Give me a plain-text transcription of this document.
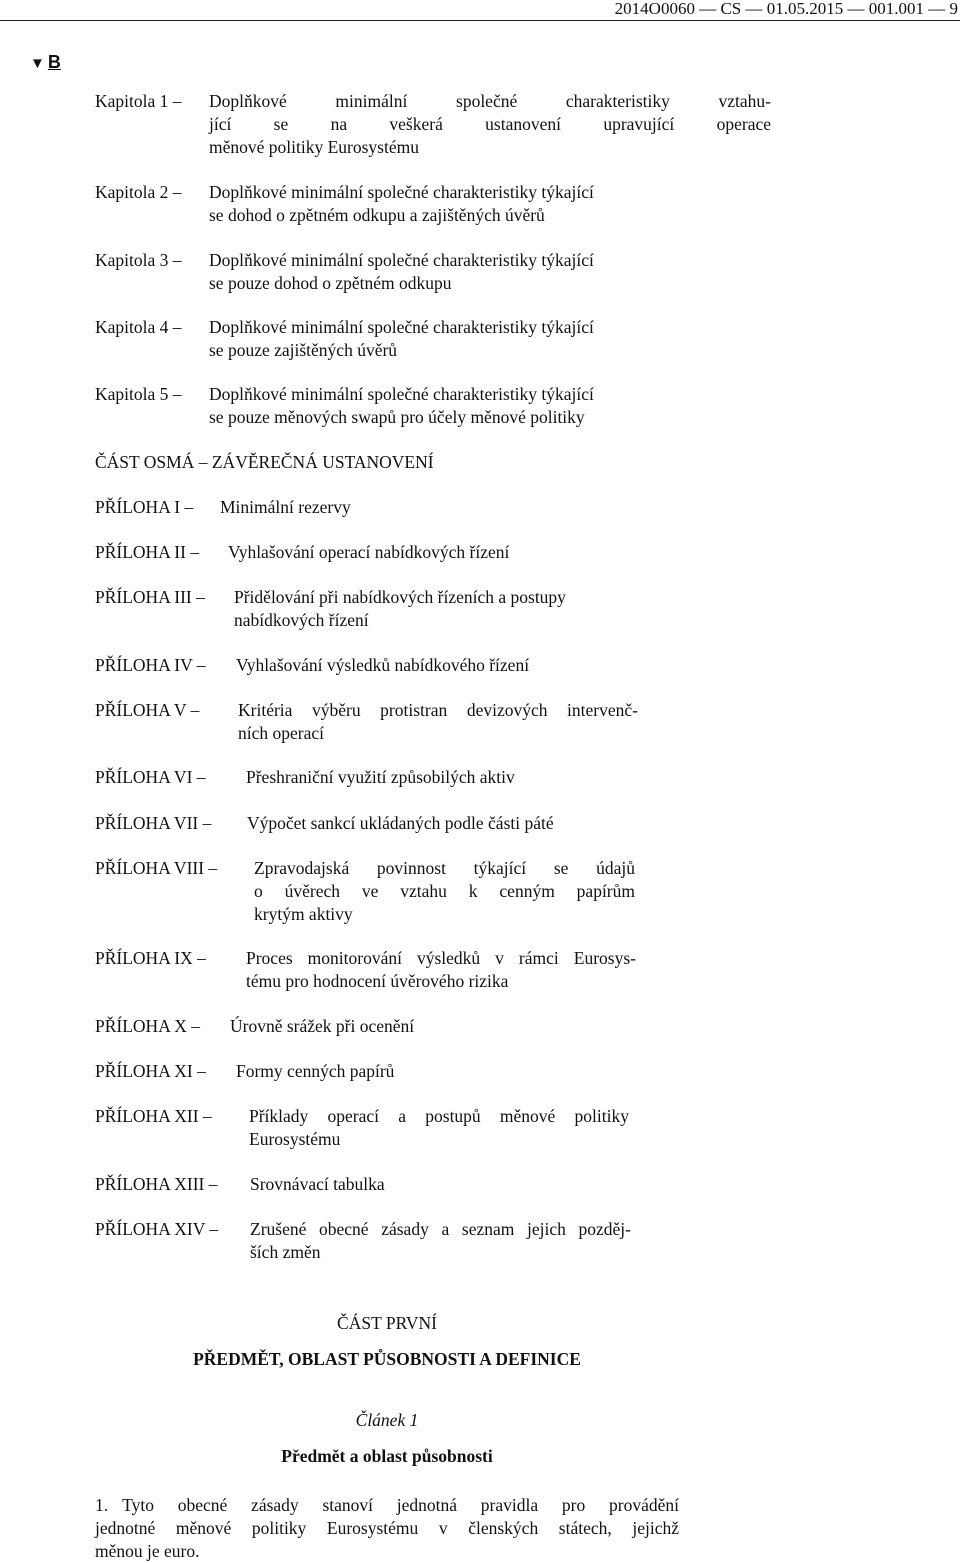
2014O0060 — CS — 01.05.2015 — 001.001 — 9
▼ B
Kapitola 1 – Doplňkové minimální společné charakteristiky vztahu-
jící se na veškerá ustanovení upravující operace
měnové politiky Eurosystému
Kapitola 2 – Doplňkové minimální společné charakteristiky týkající
se dohod o zpětném odkupu a zajištěných úvěrů
Kapitola 3 – Doplňkové minimální společné charakteristiky týkající
se pouze dohod o zpětném odkupu
Kapitola 4 – Doplňkové minimální společné charakteristiky týkající
se pouze zajištěných úvěrů
Kapitola 5 – Doplňkové minimální společné charakteristiky týkající
se pouze měnových swapů pro účely měnové politiky
ČÁST OSMÁ – ZÁVĚREČNÁ USTANOVENÍ
PŘÍLOHA I – Minimální rezervy
PŘÍLOHA II – Vyhlašování operací nabídkových řízení
PŘÍLOHA III – Přidělování při nabídkových řízeních a postupy
nabídkových řízení
PŘÍLOHA IV – Vyhlašování výsledků nabídkového řízení
PŘÍLOHA V – Kritéria výběru protistran devizových intervenč-
ních operací
PŘÍLOHA VI – Přeshraniční využití způsobilých aktiv
PŘÍLOHA VII – Výpočet sankcí ukládaných podle části páté
PŘÍLOHA VIII – Zpravodajská povinnost týkající se údajů
o úvěrech ve vztahu k cenným papírům
krytým aktivy
PŘÍLOHA IX – Proces monitorování výsledků v rámci Eurosys-
tému pro hodnocení úvěrového rizika
PŘÍLOHA X – Úrovně srážek při ocenění
PŘÍLOHA XI – Formy cenných papírů
PŘÍLOHA XII – Příklady operací a postupů měnové politiky
Eurosystému
PŘÍLOHA XIII – Srovnávací tabulka
PŘÍLOHA XIV – Zrušené obecné zásady a seznam jejich pozděj-
ších změn
ČÁST PRVNÍ
PŘEDMĚT, OBLAST PŮSOBNOSTI A DEFINICE
Článek 1
Předmět a oblast působnosti
1. Tyto obecné zásady stanoví jednotná pravidla pro provádění
jednotné měnové politiky Eurosystému v členských státech, jejichž
měnou je euro.
